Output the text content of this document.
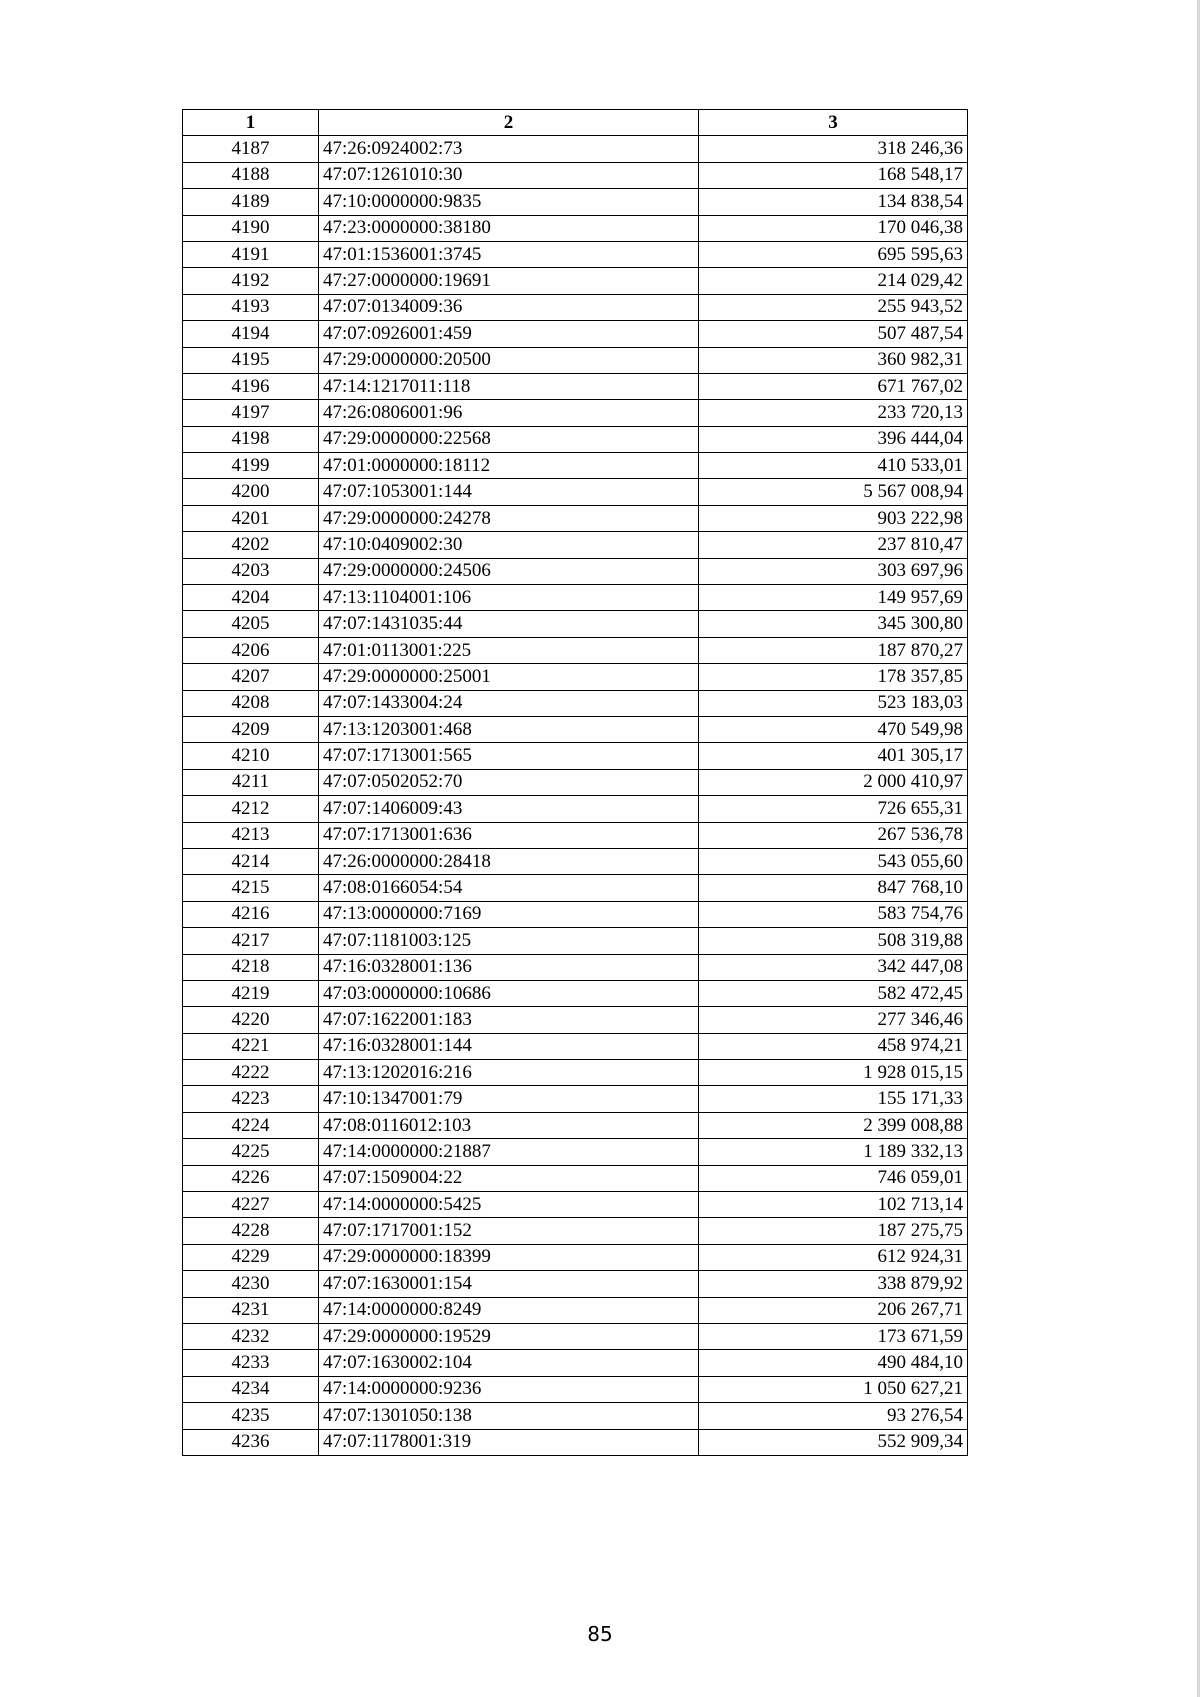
1	2	3
4187	47:26:0924002:73	318 246,36
4188	47:07:1261010:30	168 548,17
4189	47:10:0000000:9835	134 838,54
4190	47:23:0000000:38180	170 046,38
4191	47:01:1536001:3745	695 595,63
4192	47:27:0000000:19691	214 029,42
4193	47:07:0134009:36	255 943,52
4194	47:07:0926001:459	507 487,54
4195	47:29:0000000:20500	360 982,31
4196	47:14:1217011:118	671 767,02
4197	47:26:0806001:96	233 720,13
4198	47:29:0000000:22568	396 444,04
4199	47:01:0000000:18112	410 533,01
4200	47:07:1053001:144	5 567 008,94
4201	47:29:0000000:24278	903 222,98
4202	47:10:0409002:30	237 810,47
4203	47:29:0000000:24506	303 697,96
4204	47:13:1104001:106	149 957,69
4205	47:07:1431035:44	345 300,80
4206	47:01:0113001:225	187 870,27
4207	47:29:0000000:25001	178 357,85
4208	47:07:1433004:24	523 183,03
4209	47:13:1203001:468	470 549,98
4210	47:07:1713001:565	401 305,17
4211	47:07:0502052:70	2 000 410,97
4212	47:07:1406009:43	726 655,31
4213	47:07:1713001:636	267 536,78
4214	47:26:0000000:28418	543 055,60
4215	47:08:0166054:54	847 768,10
4216	47:13:0000000:7169	583 754,76
4217	47:07:1181003:125	508 319,88
4218	47:16:0328001:136	342 447,08
4219	47:03:0000000:10686	582 472,45
4220	47:07:1622001:183	277 346,46
4221	47:16:0328001:144	458 974,21
4222	47:13:1202016:216	1 928 015,15
4223	47:10:1347001:79	155 171,33
4224	47:08:0116012:103	2 399 008,88
4225	47:14:0000000:21887	1 189 332,13
4226	47:07:1509004:22	746 059,01
4227	47:14:0000000:5425	102 713,14
4228	47:07:1717001:152	187 275,75
4229	47:29:0000000:18399	612 924,31
4230	47:07:1630001:154	338 879,92
4231	47:14:0000000:8249	206 267,71
4232	47:29:0000000:19529	173 671,59
4233	47:07:1630002:104	490 484,10
4234	47:14:0000000:9236	1 050 627,21
4235	47:07:1301050:138	93 276,54
4236	47:07:1178001:319	552 909,34
85
